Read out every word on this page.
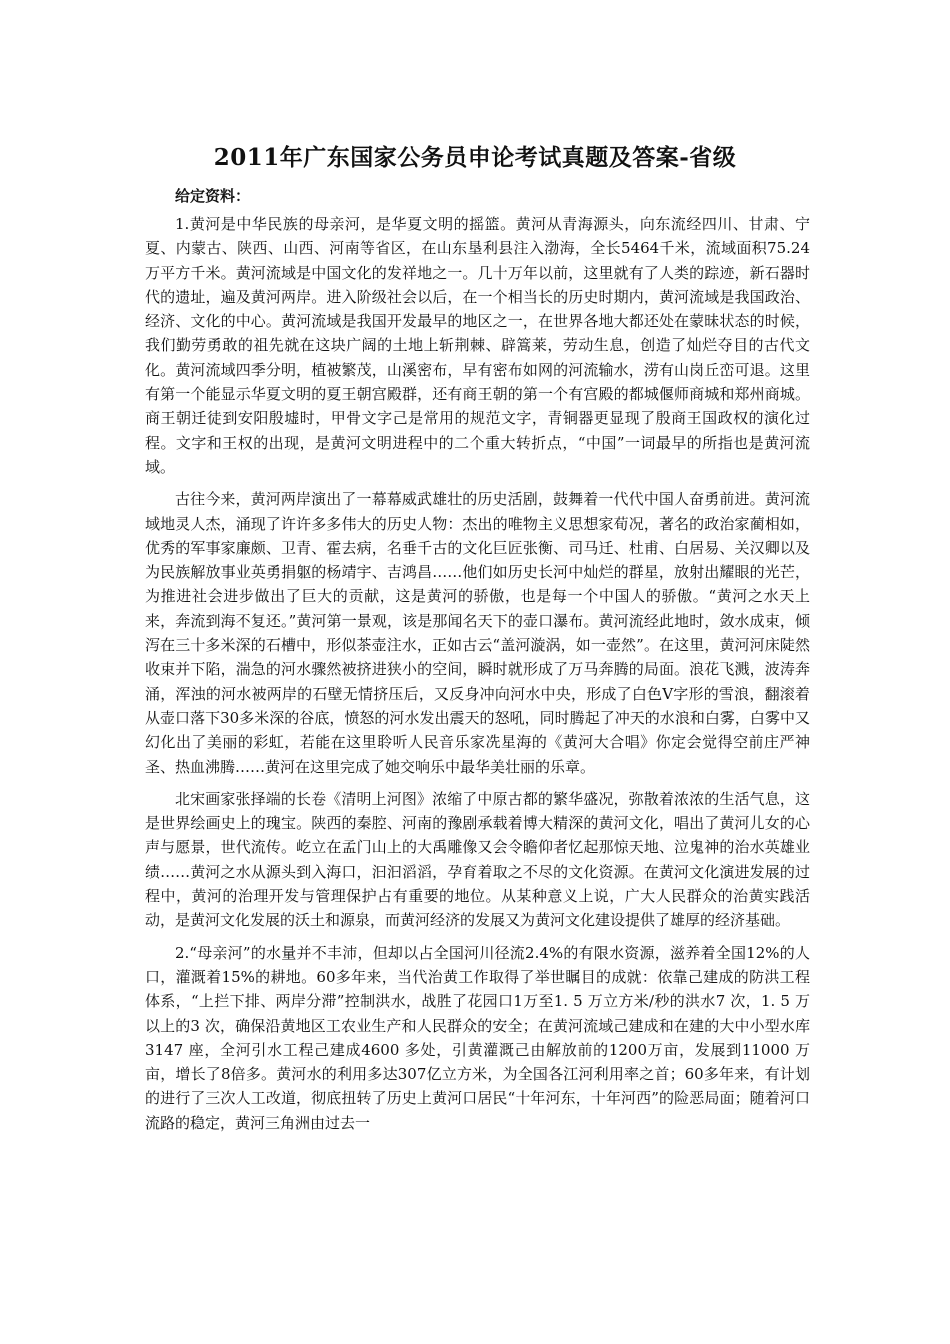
2011年广东国家公务员申论考试真题及答案-省级
给定资料：

1.黄河是中华民族的母亲河，是华夏文明的摇篮。黄河从青海源头，向东流经四川、甘肃、宁夏、内蒙古、陕西、山西、河南等省区，在山东垦利县注入渤海，全长5464千米，流域面积75.24万平方千米。黄河流域是中国文化的发祥地之一。几十万年以前，这里就有了人类的踪迹，新石器时代的遗址，遍及黄河两岸。进入阶级社会以后，在一个相当长的历史时期内，黄河流域是我国政治、经济、文化的中心。黄河流域是我国开发最早的地区之一，在世界各地大都还处在蒙昧状态的时候，我们勤劳勇敢的祖先就在这块广阔的土地上斩荆棘、辟篙莱，劳动生息，创造了灿烂夺目的古代文化。黄河流域四季分明，植被繁茂，山溪密布，早有密布如网的河流输水，涝有山岗丘峦可退。这里有第一个能显示华夏文明的夏王朝宫殿群，还有商王朝的第一个有宫殿的都城偃师商城和郑州商城。商王朝迁徒到安阳殷墟时，甲骨文字己是常用的规范文字，青铜器更显现了殷商王国政权的演化过程。文字和王权的出现，是黄河文明进程中的二个重大转折点，“中国”一词最早的所指也是黄河流域。

古往今来，黄河两岸演出了一幕幕威武雄壮的历史活剧，鼓舞着一代代中国人奋勇前进。黄河流域地灵人杰，涌现了许许多多伟大的历史人物：杰出的唯物主义思想家荀况，著名的政治家蔺相如，优秀的军事家廉颇、卫青、霍去病，名垂千古的文化巨匠张衡、司马迁、杜甫、白居易、关汉卿以及为民族解放事业英勇捐躯的杨靖宇、吉鸿昌……他们如历史长河中灿烂的群星，放射出耀眼的光芒，为推进社会进步做出了巨大的贡献，这是黄河的骄傲，也是每一个中国人的骄傲。“黄河之水天上来，奔流到海不复还。”黄河第一景观，该是那闻名天下的壶口瀑布。黄河流经此地时，敛水成束，倾泻在三十多米深的石槽中，形似茶壶注水，正如古云“盖河漩涡，如一壶然”。在这里，黄河河床陡然收束并下陷，湍急的河水骤然被挤进狭小的空间，瞬时就形成了万马奔腾的局面。浪花飞溅，波涛奔涌，浑浊的河水被两岸的石壁无情挤压后，又反身冲向河水中央，形成了白色V字形的雪浪，翻滚着从壶口落下30多米深的谷底，愤怒的河水发出震天的怒吼，同时腾起了冲天的水浪和白雾，白雾中又幻化出了美丽的彩虹，若能在这里聆听人民音乐家冼星海的《黄河大合唱》你定会觉得空前庄严神圣、热血沸腾……黄河在这里完成了她交响乐中最华美壮丽的乐章。

北宋画家张择端的长卷《清明上河图》浓缩了中原古都的繁华盛况，弥散着浓浓的生活气息，这是世界绘画史上的瑰宝。陕西的秦腔、河南的豫剧承载着博大精深的黄河文化，唱出了黄河儿女的心声与愿景，世代流传。屹立在孟门山上的大禹雕像又会令瞻仰者忆起那惊天地、泣鬼神的治水英雄业绩……黄河之水从源头到入海口，汩汩滔滔，孕育着取之不尽的文化资源。在黄河文化演进发展的过程中，黄河的治理开发与管理保护占有重要的地位。从某种意义上说，广大人民群众的治黄实践活动，是黄河文化发展的沃土和源泉，而黄河经济的发展又为黄河文化建设提供了雄厚的经济基础。

2.“母亲河”的水量并不丰沛，但却以占全国河川径流2.4%的有限水资源，滋养着全国12%的人口，灌溉着15%的耕地。60多年来，当代治黄工作取得了举世瞩目的成就：依靠己建成的防洪工程体系，“上拦下排、两岸分滞”控制洪水，战胜了花园口1万至1. 5 万立方米/秒的洪水7 次，1. 5 万以上的3 次，确保沿黄地区工农业生产和人民群众的安全；在黄河流域己建成和在建的大中小型水库3147 座，全河引水工程己建成4600 多处，引黄灌溉己由解放前的1200万亩，发展到11000 万亩，增长了8倍多。黄河水的利用多达307亿立方米，为全国各江河利用率之首；60多年来，有计划的进行了三次人工改道，彻底扭转了历史上黄河口居民“十年河东，十年河西”的险恶局面；随着河口流路的稳定，黄河三角洲由过去一
